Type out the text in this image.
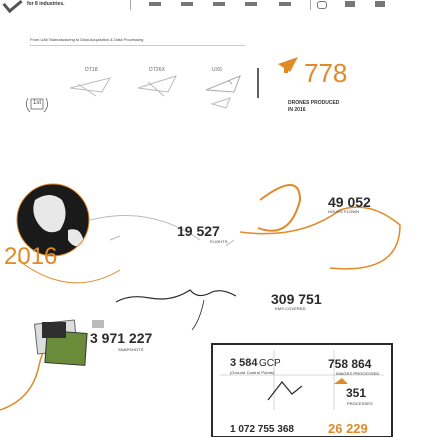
for 8 industries.
From UAV Manufacturing to Data Acquisition & Data Processing
DT18	DT26X	UX5
1st
778
DRONES PRODUCED
IN 2016
2016
49 052
HOURS FLOWN
19 527
FLIGHTS
309 751
KMS COVERED
3 971 227
SNAPSHOTS
3 584 GCP
(Ground Control Points)
758 864
IMAGES PROCESSED
351
PROCESSES
1 072 755 368	26 229
